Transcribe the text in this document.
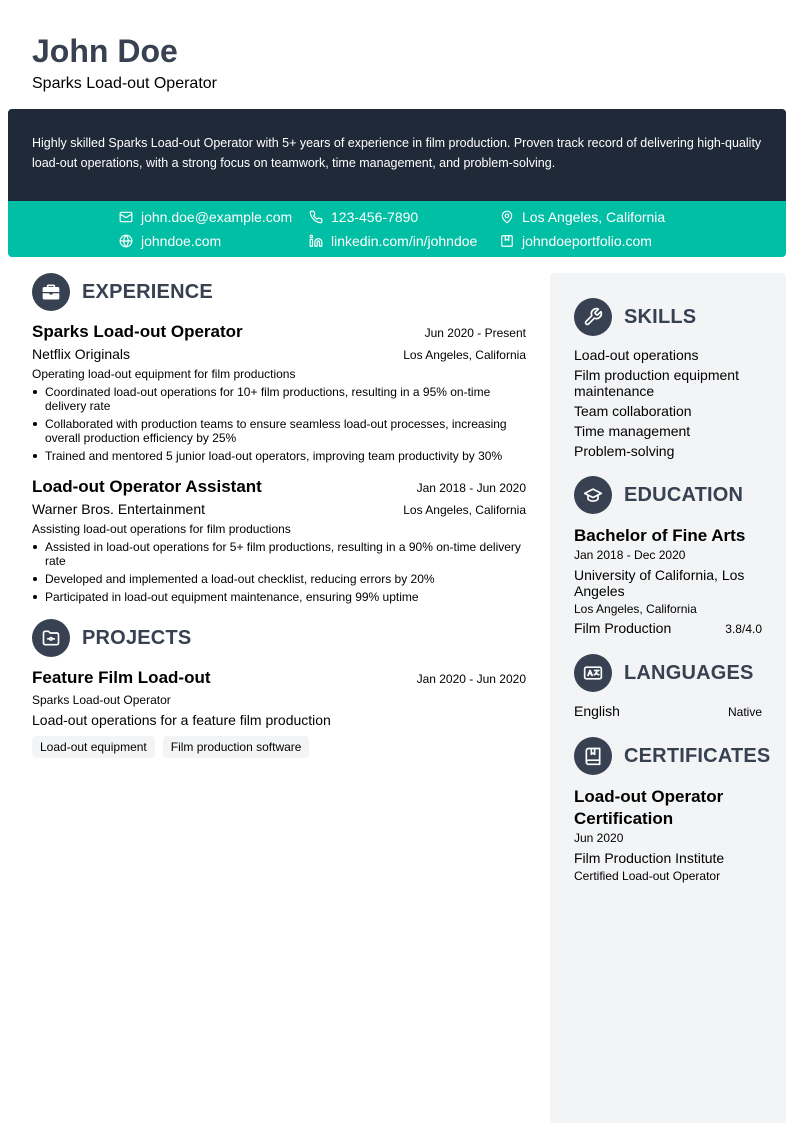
John Doe
Sparks Load-out Operator

Highly skilled Sparks Load-out Operator with 5+ years of experience in film production. Proven track record of delivering high-quality load-out operations, with a strong focus on teamwork, time management, and problem-solving.

john.doe@example.com	123-456-7890	Los Angeles, California
johndoe.com	linkedin.com/in/johndoe	johndoeportfolio.com
EXPERIENCE
Sparks Load-out Operator	Jun 2020 - Present
Netflix Originals	Los Angeles, California
Operating load-out equipment for film productions
Coordinated load-out operations for 10+ film productions, resulting in a 95% on-time delivery rate
Collaborated with production teams to ensure seamless load-out processes, increasing overall production efficiency by 25%
Trained and mentored 5 junior load-out operators, improving team productivity by 30%
Load-out Operator Assistant	Jan 2018 - Jun 2020
Warner Bros. Entertainment	Los Angeles, California
Assisting load-out operations for film productions
Assisted in load-out operations for 5+ film productions, resulting in a 90% on-time delivery rate
Developed and implemented a load-out checklist, reducing errors by 20%
Participated in load-out equipment maintenance, ensuring 99% uptime
PROJECTS
Feature Film Load-out	Jan 2020 - Jun 2020
Sparks Load-out Operator
Load-out operations for a feature film production
Load-out equipment	Film production software
SKILLS
Load-out operations
Film production equipment maintenance
Team collaboration
Time management
Problem-solving
EDUCATION
Bachelor of Fine Arts
Jan 2018 - Dec 2020
University of California, Los Angeles
Los Angeles, California
Film Production	3.8/4.0
LANGUAGES
English	Native
CERTIFICATES
Load-out Operator Certification
Jun 2020
Film Production Institute
Certified Load-out Operator
